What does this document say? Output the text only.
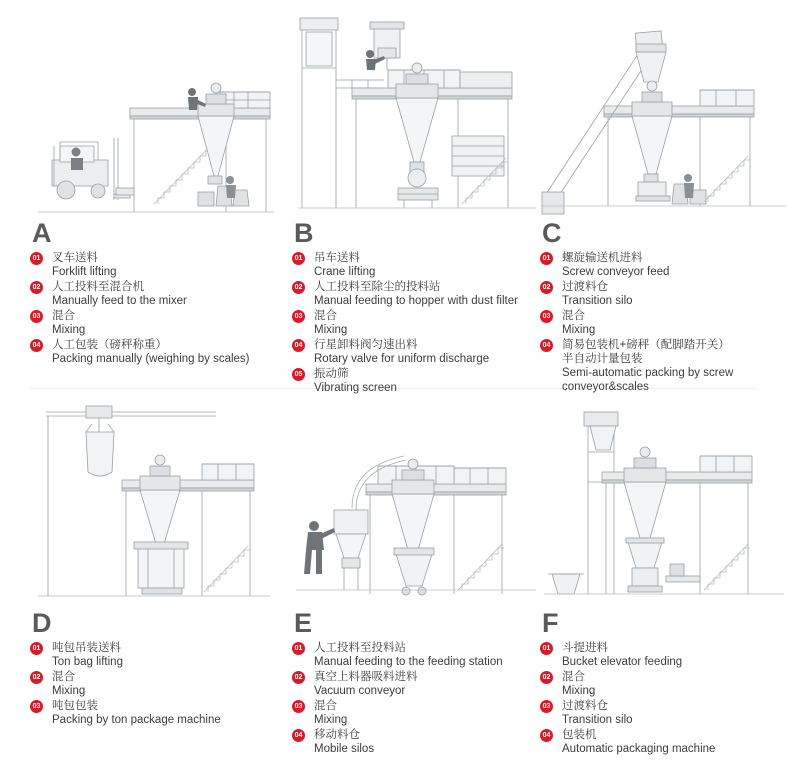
A
01 叉车送料
Forklift lifting
02 人工投料至混合机
Manually feed to the mixer
03 混合
Mixing
04 人工包装（磅秤称重）
Packing manually (weighing by scales)
B
01 吊车送料
Crane lifting
02 人工投料至除尘的投料站
Manual feeding to hopper with dust filter
03 混合
Mixing
04 行星卸料阀匀速出料
Rotary valve for uniform discharge
05 振动筛
Vibrating screen
C
01 螺旋输送机进料
Screw conveyor feed
02 过渡料仓
Transition silo
03 混合
Mixing
04 简易包装机+磅秤（配脚踏开关）
半自动计量包装
Semi-automatic packing by screw
conveyor&scales
D
01 吨包吊装送料
Ton bag lifting
02 混合
Mixing
03 吨包包装
Packing by ton package machine
E
01 人工投料至投料站
Manual feeding to the feeding station
02 真空上料器吸料进料
Vacuum conveyor
03 混合
Mixing
04 移动料仓
Mobile silos
F
01 斗提进料
Bucket elevator feeding
02 混合
Mixing
03 过渡料仓
Transition silo
04 包装机
Automatic packaging machine
